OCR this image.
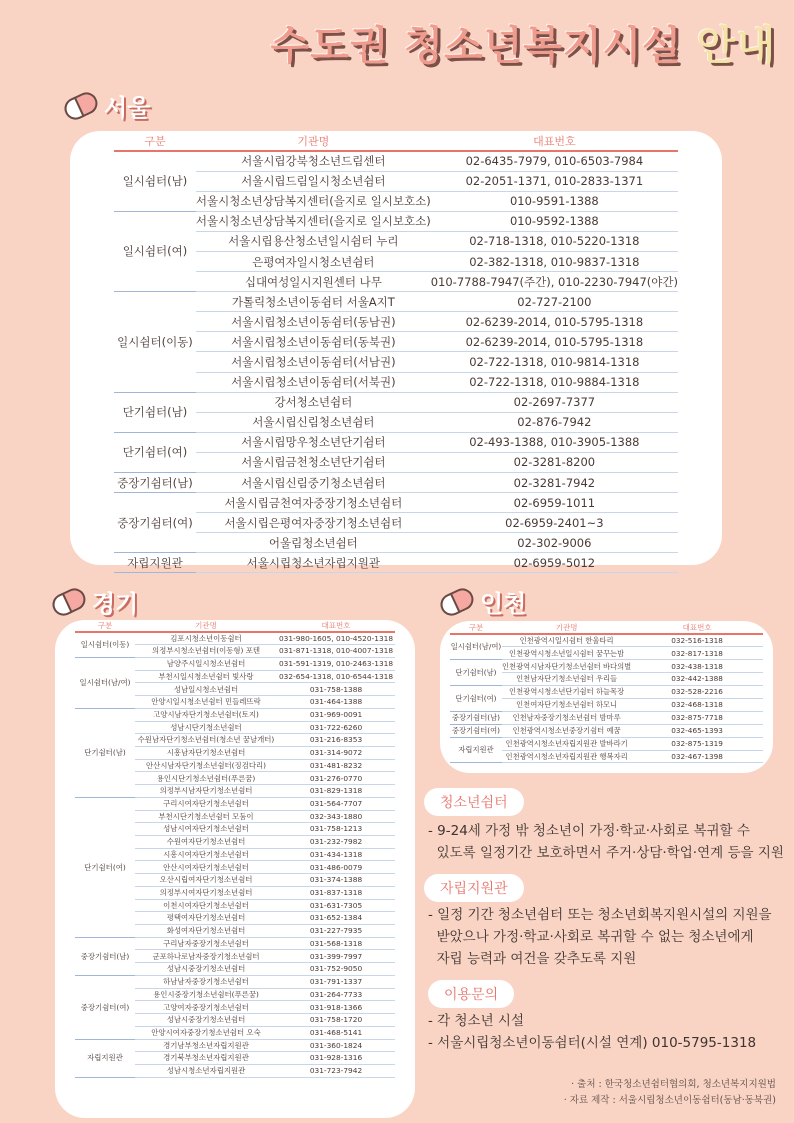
수도권 청소년복지시설 안내
서울
구분	기관명	대표번호
일시쉼터(남)	서울시립강북청소년드림센터	02-6435-7979, 010-6503-7984
	서울시립드림일시청소년쉼터	02-2051-1371, 010-2833-1371
	서울시청소년상담복지센터(을지로 일시보호소)	010-9591-1388
일시쉼터(여)	서울시청소년상담복지센터(을지로 일시보호소)	010-9592-1388
	서울시립용산청소년일시쉼터 누리	02-718-1318, 010-5220-1318
	은평여자일시청소년쉼터	02-382-1318, 010-9837-1318
	십대여성일시지원센터 나무	010-7788-7947(주간), 010-2230-7947(야간)
일시쉼터(이동)	가톨릭청소년이동쉼터 서울A지T	02-727-2100
	서울시립청소년이동쉼터(동남권)	02-6239-2014, 010-5795-1318
	서울시립청소년이동쉼터(동북권)	02-6239-2014, 010-5795-1318
	서울시립청소년이동쉼터(서남권)	02-722-1318, 010-9814-1318
	서울시립청소년이동쉼터(서북권)	02-722-1318, 010-9884-1318
단기쉼터(남)	강서청소년쉼터	02-2697-7377
	서울시립신림청소년쉼터	02-876-7942
단기쉼터(여)	서울시립망우청소년단기쉼터	02-493-1388, 010-3905-1388
	서울시립금천청소년단기쉼터	02-3281-8200
중장기쉼터(남)	서울시립신림중기청소년쉼터	02-3281-7942
중장기쉼터(여)	서울시립금천여자중장기청소년쉼터	02-6959-1011
	서울시립은평여자중장기청소년쉼터	02-6959-2401~3
	어울림청소년쉼터	02-302-9006
자립지원관	서울시립청소년자립지원관	02-6959-5012
경기
구분	기관명	대표번호
일시쉼터(이동)	김포시청소년이동쉼터	031-980-1605, 010-4520-1318
	의정부시청소년쉼터(이동형) 포텐	031-871-1318, 010-4007-1318
일시쉼터(남/여)	남양주시일시청소년쉼터	031-591-1319, 010-2463-1318
	부천시일시청소년쉼터 빛사랑	032-654-1318, 010-6544-1318
	성남일시청소년쉼터	031-758-1388
	안양시일시청소년쉼터 민들레뜨락	031-464-1388
단기쉼터(남)	고양시남자단기청소년쉼터(토지)	031-969-0091
	성남시단기청소년쉼터	031-722-6260
	수원남자단기청소년쉼터(청소년 꿈날개터)	031-216-8353
	시흥남자단기청소년쉼터	031-314-9072
	안산시남자단기청소년쉼터(징검다리)	031-481-8232
	용인시단기청소년쉼터(푸른꿈)	031-276-0770
	의정부시남자단기청소년쉼터	031-829-1318
단기쉼터(여)	구리시여자단기청소년쉼터	031-564-7707
	부천시단기청소년쉼터 모둠이	032-343-1880
	성남시여자단기청소년쉼터	031-758-1213
	수원여자단기청소년쉼터	031-232-7982
	시흥시여자단기청소년쉼터	031-434-1318
	안산시여자단기청소년쉼터	031-486-0079
	오산시립여자단기청소년쉼터	031-374-1388
	의정부시여자단기청소년쉼터	031-837-1318
	이천시여자단기청소년쉼터	031-631-7305
	평택여자단기청소년쉼터	031-652-1384
	화성여자단기청소년쉼터	031-227-7935
중장기쉼터(남)	구리남자중장기청소년쉼터	031-568-1318
	군포하나로남자중장기청소년쉼터	031-399-7997
	성남시중장기청소년쉼터	031-752-9050
중장기쉼터(여)	하남남자중장기청소년쉼터	031-791-1337
	용인시중장기청소년쉼터(푸른꿈)	031-264-7733
	고양여자중장기청소년쉼터	031-918-1366
	성남시중장기청소년쉼터	031-758-1720
	안양시여자중장기청소년쉼터 오숙	031-468-5141
자립지원관	경기남부청소년자립지원관	031-360-1824
	경기북부청소년자립지원관	031-928-1316
	성남시청소년자립지원관	031-723-7942
인천
구분	기관명	대표번호
일시쉼터(남/여)	인천광역시일시쉼터 한울타리	032-516-1318
	인천광역시청소년일시쉼터 꿈꾸는밤	032-817-1318
단기쉼터(남)	인천광역시남자단기청소년쉼터 바다의별	032-438-1318
	인천남자단기청소년쉼터 우리들	032-442-1388
단기쉼터(여)	인천광역시청소년단기쉼터 하늘목장	032-528-2216
	인천여자단기청소년쉼터 하모니	032-468-1318
중장기쉼터(남)	인천남자중장기청소년쉼터 밤마루	032-875-7718
중장기쉼터(여)	인천광역시청소년중장기쉼터 예꿈	032-465-1393
자립지원관	인천광역시청소년자립지원관 발바라기	032-875-1319
	인천광역시청소년자립지원관 행복자리	032-467-1398
청소년쉼터
- 9-24세 가정 밖 청소년이 가정·학교·사회로 복귀할 수
있도록 일정기간 보호하면서 주거·상담·학업·연계 등을 지원
자립지원관
- 일정 기간 청소년쉼터 또는 청소년회복지원시설의 지원을
받았으나 가정·학교·사회로 복귀할 수 없는 청소년에게
자립 능력과 여건을 갖추도록 지원
이용문의
- 각 청소년 시설
- 서울시립청소년이동쉼터(시설 연계) 010-5795-1318
· 출처 : 한국청소년쉼터협의회, 청소년복지지원법
· 자료 제작 : 서울시립청소년이동쉼터(동남·동북권)
